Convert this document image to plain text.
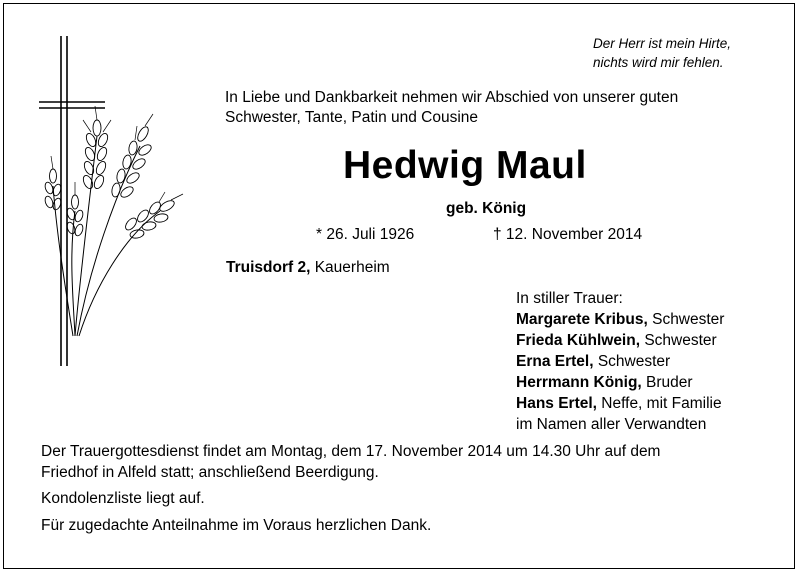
Der Herr ist mein Hirte,
nichts wird mir fehlen.
In Liebe und Dankbarkeit nehmen wir Abschied von unserer guten
Schwester, Tante, Patin und Cousine
Hedwig Maul
geb. König
* 26. Juli 1926	† 12. November 2014
Truisdorf 2, Kauerheim
In stiller Trauer:
Margarete Kribus, Schwester
Frieda Kühlwein, Schwester
Erna Ertel, Schwester
Herrmann König, Bruder
Hans Ertel, Neffe, mit Familie
im Namen aller Verwandten
Der Trauergottesdienst findet am Montag, dem 17. November 2014 um 14.30 Uhr auf dem
Friedhof in Alfeld statt; anschließend Beerdigung.
Kondolenzliste liegt auf.
Für zugedachte Anteilnahme im Voraus herzlichen Dank.
